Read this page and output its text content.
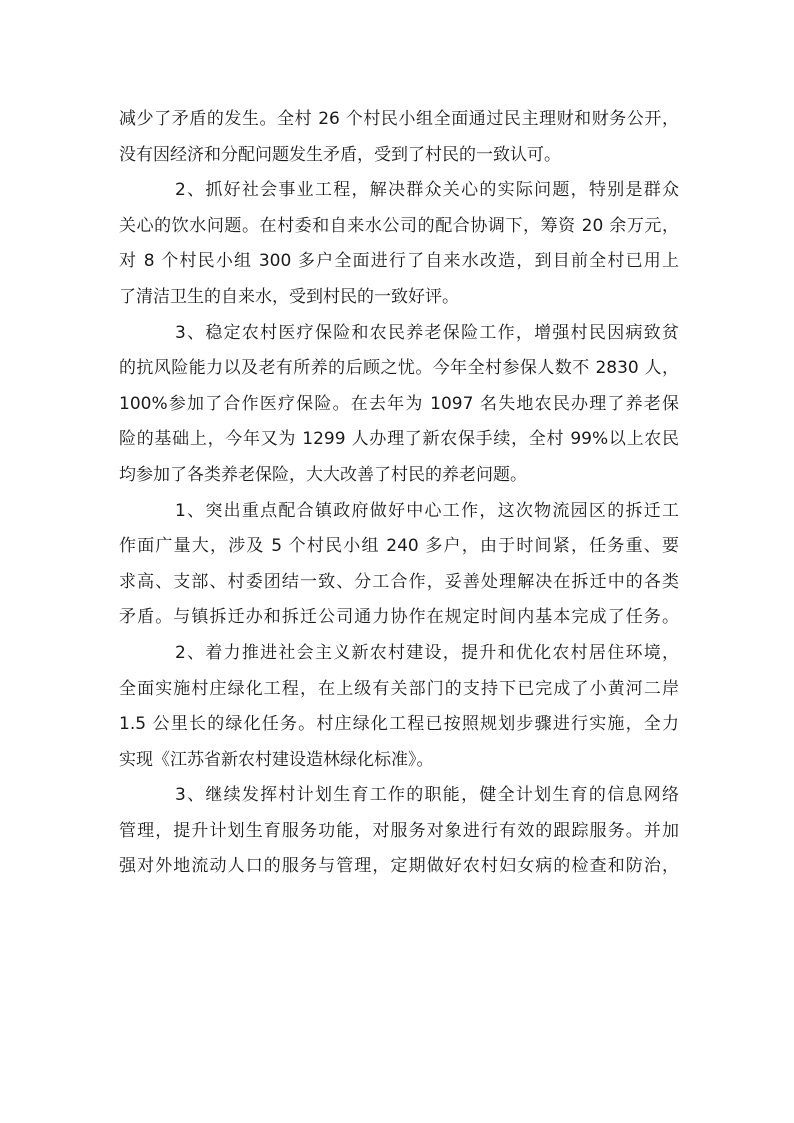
减少了矛盾的发生。全村 26 个村民小组全面通过民主理财和财务公开，
没有因经济和分配问题发生矛盾，受到了村民的一致认可。
2、抓好社会事业工程，解决群众关心的实际问题，特别是群众
关心的饮水问题。在村委和自来水公司的配合协调下，筹资 20 余万元，
对 8 个村民小组 300 多户全面进行了自来水改造，到目前全村已用上
了清洁卫生的自来水，受到村民的一致好评。
3、稳定农村医疗保险和农民养老保险工作，增强村民因病致贫
的抗风险能力以及老有所养的后顾之忧。今年全村参保人数不 2830 人，
100%参加了合作医疗保险。在去年为 1097 名失地农民办理了养老保
险的基础上，今年又为 1299 人办理了新农保手续，全村 99%以上农民
均参加了各类养老保险，大大改善了村民的养老问题。
1、突出重点配合镇政府做好中心工作，这次物流园区的拆迁工
作面广量大，涉及 5 个村民小组 240 多户，由于时间紧，任务重、要
求高、支部、村委团结一致、分工合作，妥善处理解决在拆迁中的各类
矛盾。与镇拆迁办和拆迁公司通力协作在规定时间内基本完成了任务。
2、着力推进社会主义新农村建设，提升和优化农村居住环境，
全面实施村庄绿化工程，在上级有关部门的支持下已完成了小黄河二岸
1.5 公里长的绿化任务。村庄绿化工程已按照规划步骤进行实施，全力
实现《江苏省新农村建设造林绿化标准》。
3、继续发挥村计划生育工作的职能，健全计划生育的信息网络
管理，提升计划生育服务功能，对服务对象进行有效的跟踪服务。并加
强对外地流动人口的服务与管理，定期做好农村妇女病的检查和防治，
